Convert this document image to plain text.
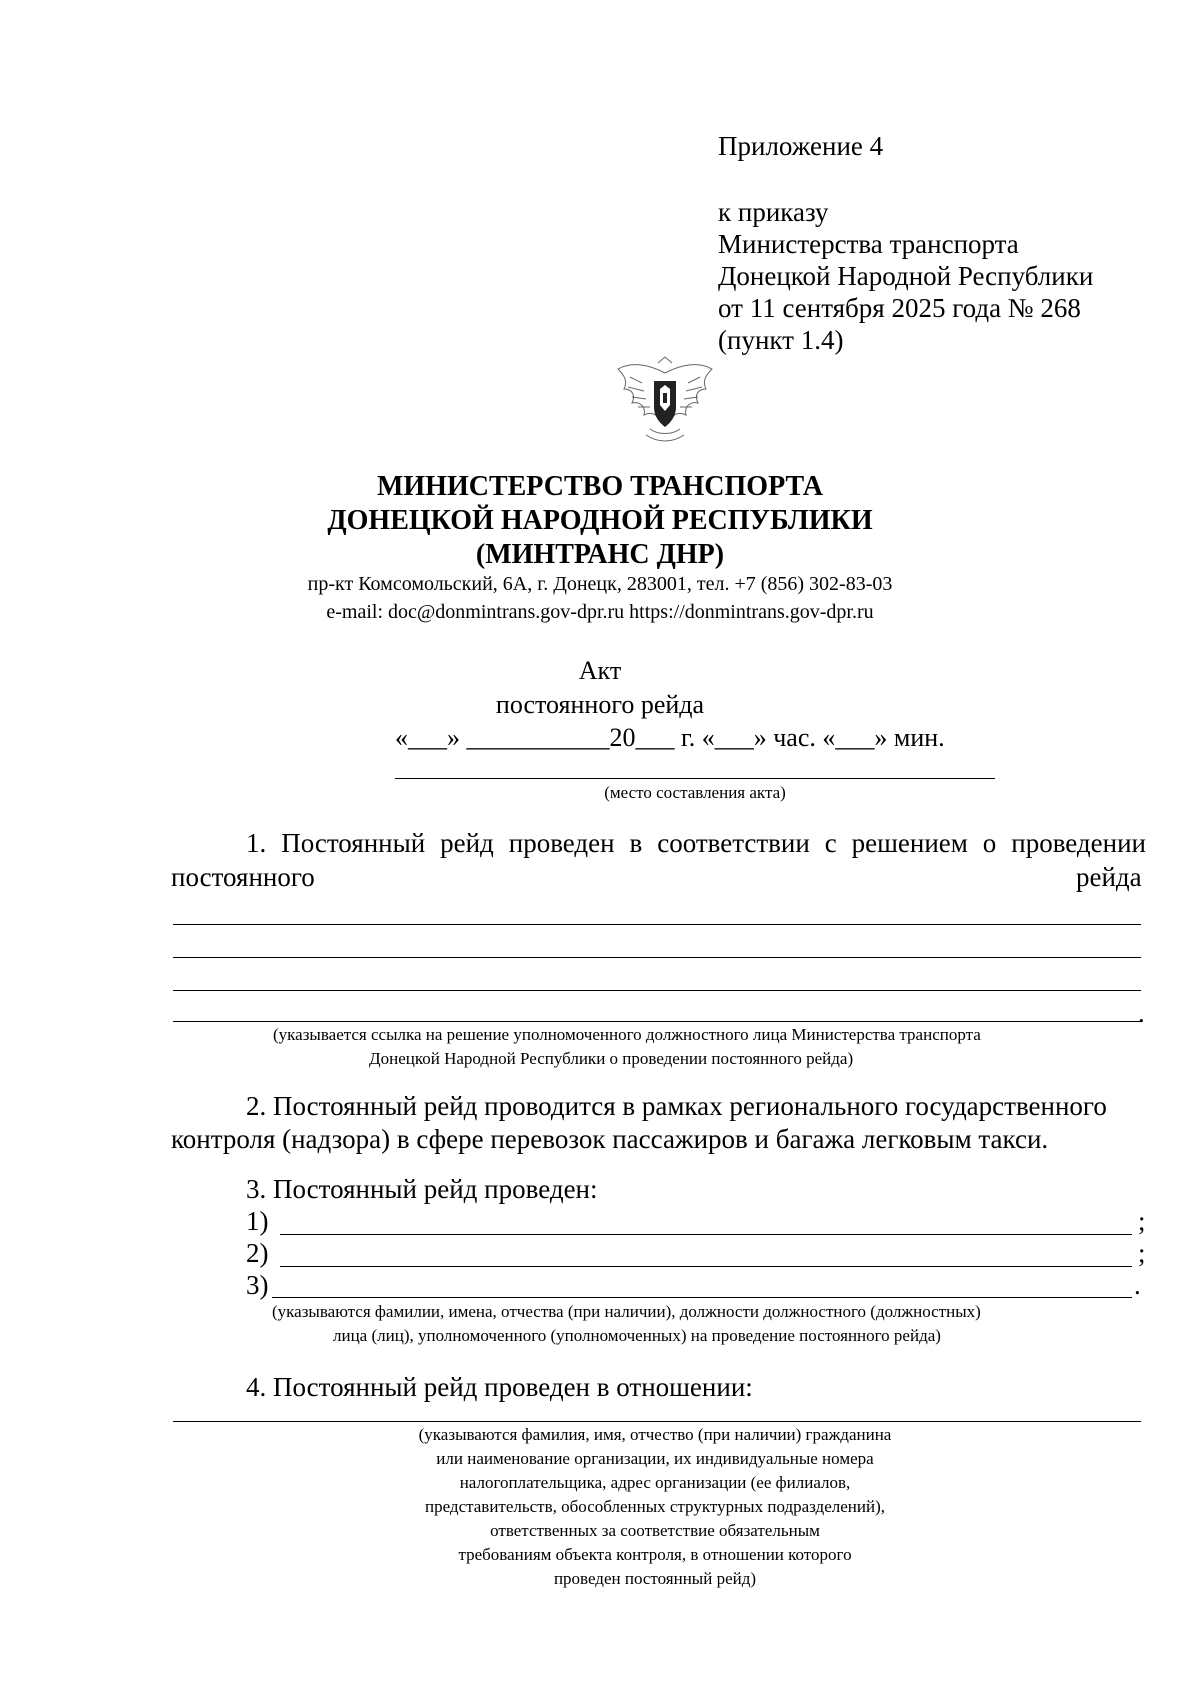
Приложение 4
к приказу
Министерства транспорта
Донецкой Народной Республики
от 11 сентября 2025 года № 268
(пункт 1.4)
МИНИСТЕРСТВО ТРАНСПОРТА
ДОНЕЦКОЙ НАРОДНОЙ РЕСПУБЛИКИ
(МИНТРАНС ДНР)
пр-кт Комсомольский, 6А, г. Донецк, 283001, тел. +7 (856) 302-83-03
e-mail: doc@donmintrans.gov-dpr.ru https://donmintrans.gov-dpr.ru
Акт
постоянного рейда
«___» ___________20___ г. «___» час. «___» мин.
(место составления акта)
1. Постоянный рейд проведен в соответствии с решением о проведении
постоянного	рейда
.
(указывается ссылка на решение уполномоченного должностного лица Министерства транспорта
Донецкой Народной Республики о проведении постоянного рейда)
2. Постоянный рейд проводится в рамках регионального государственного
контроля (надзора) в сфере перевозок пассажиров и багажа легковым такси.
3. Постоянный рейд проведен:
1)	;
2)	;
3)	.
(указываются фамилии, имена, отчества (при наличии), должности должностного (должностных)
лица (лиц), уполномоченного (уполномоченных) на проведение постоянного рейда)
4. Постоянный рейд проведен в отношении:
(указываются фамилия, имя, отчество (при наличии) гражданина
или наименование организации, их индивидуальные номера
налогоплательщика, адрес организации (ее филиалов,
представительств, обособленных структурных подразделений),
ответственных за соответствие обязательным
требованиям объекта контроля, в отношении которого
проведен постоянный рейд)
